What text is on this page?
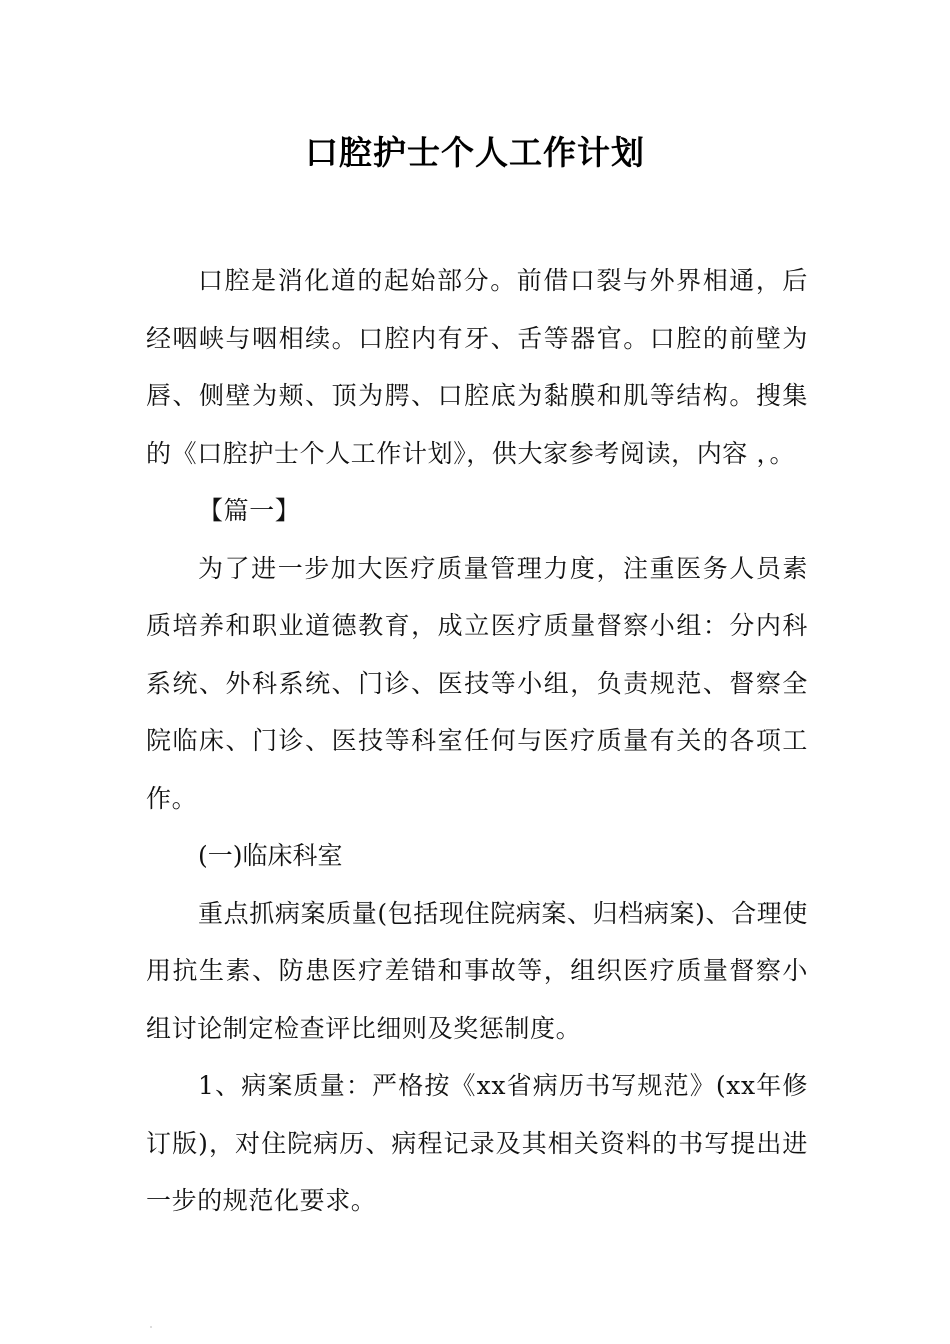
口腔护士个人工作计划

口腔是消化道的起始部分。前借口裂与外界相通，后经咽峡与咽相续。口腔内有牙、舌等器官。口腔的前壁为唇、侧壁为颊、顶为腭、口腔底为黏膜和肌等结构。搜集的《口腔护士个人工作计划》，供大家参考阅读，内容 ，。

【篇一】

为了进一步加大医疗质量管理力度，注重医务人员素质培养和职业道德教育，成立医疗质量督察小组：分内科系统、外科系统、门诊、医技等小组，负责规范、督察全院临床、门诊、医技等科室任何与医疗质量有关的各项工作。

(一)临床科室

重点抓病案质量(包括现住院病案、归档病案)、合理使用抗生素、防患医疗差错和事故等，组织医疗质量督察小组讨论制定检查评比细则及奖惩制度。

1、病案质量：严格按《xx省病历书写规范》(xx年修订版)，对住院病历、病程记录及其相关资料的书写提出进一步的规范化要求。
